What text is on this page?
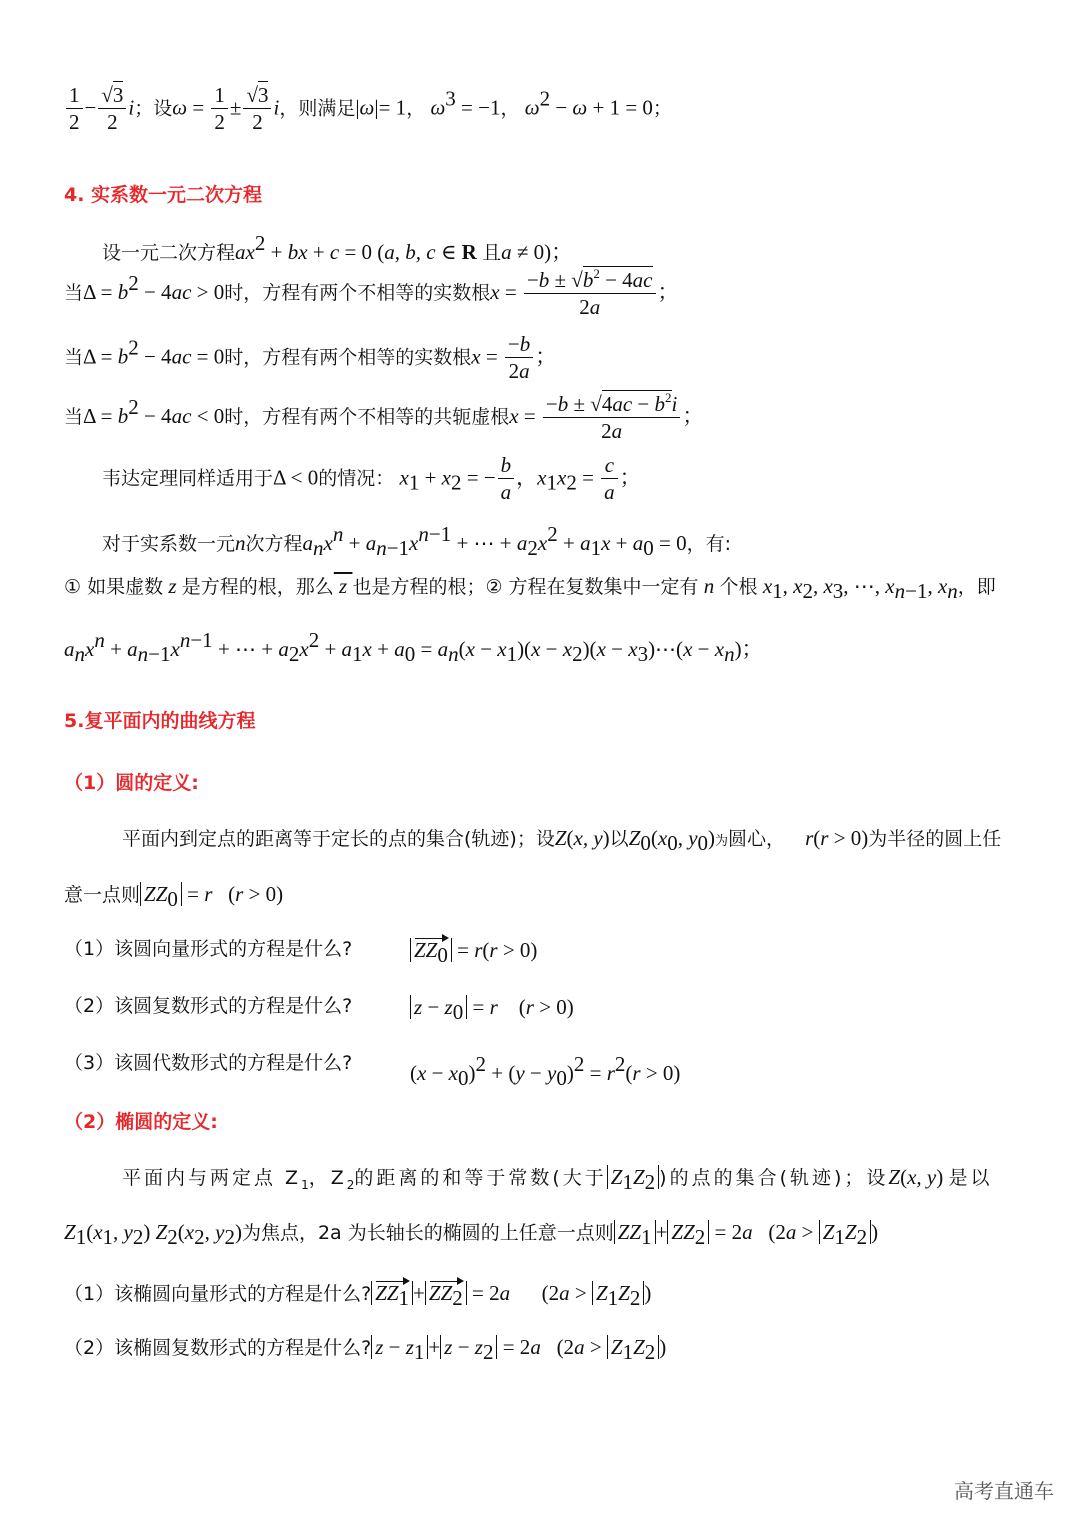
$\frac{1}{2} - \frac{√3}{2}$ i；设$\omega = \frac{1}{2} \pm \frac{√3}{2}$ i，则满足|ω|= 1， $\omega^3 = -1$， $\omega^2 - \omega + 1 = 0$；
4. 实系数一元二次方程
设一元二次方程$ax^2$ + bx + c = 0 (a, b, c ∈ R 且a ≠ 0)；
当$\Delta = b^2 - 4ac > 0$时，方程有两个不相等的实数根$x = \frac{-b \pm √b^2 - 4ac}{2a}$ ；
当$\Delta = b^2 - 4ac = 0$时，方程有两个相等的实数根$x = \frac{-b}{2a}$ ；
当$\Delta = b^2 - 4ac < 0$时，方程有两个不相等的共轭虚根$x = \frac{-b \pm √4ac - b^2i}{2a}$ ；
韦达定理同样适用于Δ < 0的情况： $x_1 + x_2$ = − $\frac{b}{a}$ ，$x_1x_2 = \frac{c}{a}$ ；
对于实系数一元n次方程$a_nx^n + a_{n-1}x^{n-1}$ + ⋯ + $a_2x^2 + a_1x + a_0 = 0$，有:
① 如果虚数 z 是方程的根，那么 z 也是方程的根；② 方程在复数集中一定有 n 个根 $x_1$, $x_2$, $x_3$, ⋯, $x_{n-1}$, $x_n$，即
$a_nx^n + a_{n-1}x^{n-1}$ + ⋯ + $a_2x^2 + a_1x + a_0 = a_n(x - x_1)(x - x_2)(x$ − $x_3)\cdots(x - x_n)$；
5.复平面内的曲线方程
（1）圆的定义:
平面内到定点的距离等于定长的点的集合(轨迹)；设Z(x, y)以$Z_0(x_0$, $y_0$)为圆心， r(r > 0)为半径的圆上任
意一点则 $ZZ_0 = r$   (r > 0)
（1）该圆向量形式的方程是什么?	$ZZ_0 = r(r > 0)$
（2）该圆复数形式的方程是什么?	$z - z_0 = r$    (r > 0)
（3）该圆代数形式的方程是什么?	$(x - x_0)^2 + (y - y_0)^2 = r^2(r > 0)$
（2）椭圆的定义:
平面内与两定点 $Z_1$，$Z_2$的距离的和等于常数(大于 $Z_1Z_2$ )的点的集合(轨迹)；设Z(x, y) 是以
$Z_1(x_1$, $y_2$) $Z_2(x_2$, $y_2$)为焦点，2a 为长轴长的椭圆的上任意一点则 $ZZ_1 + ZZ_2 = 2a$   ($2a > Z_1Z_2$ )
（1）该椭圆向量形式的方程是什么? $ZZ_1 + ZZ_2 = 2a$      ($2a > Z_1Z_2$ )
（2）该椭圆复数形式的方程是什么? $z - z_1 + z - z_2 = 2a$   ($2a > Z_1Z_2$ )
高考直通车
